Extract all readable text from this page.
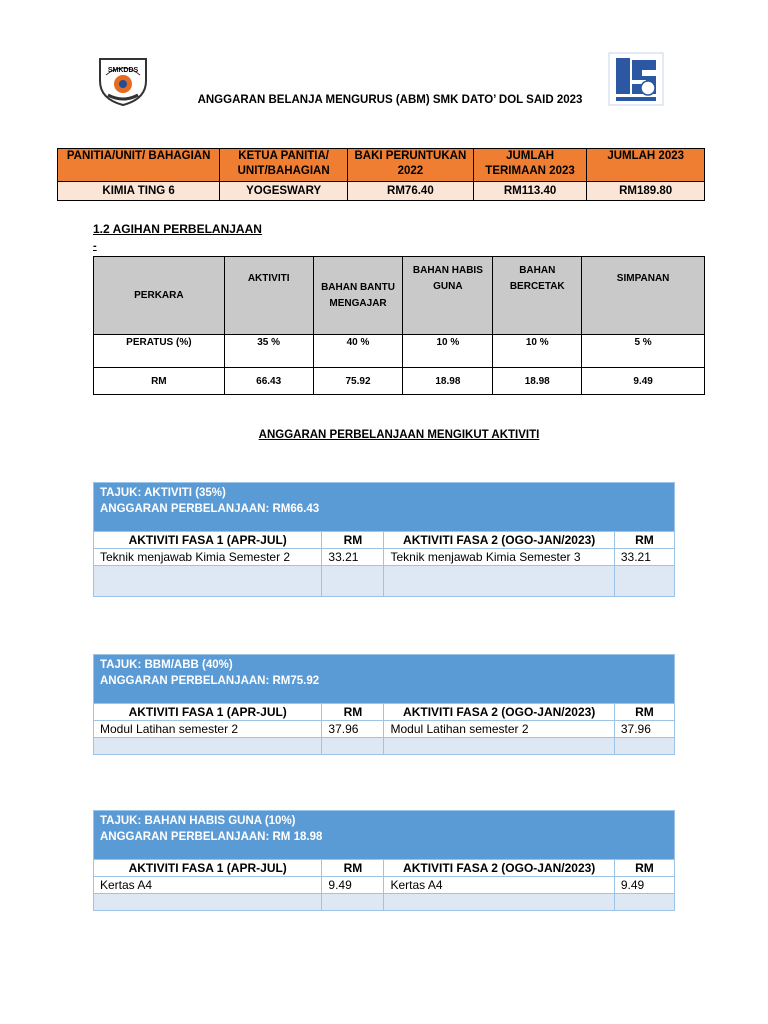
SMKDDS
ANGGARAN BELANJA MENGURUS (ABM) SMK DATO’ DOL SAID 2023
PANITIA/UNIT/ BAHAGIAN	KETUA PANITIA/ UNIT/BAHAGIAN	BAKI PERUNTUKAN 2022	JUMLAH TERIMAAN 2023	JUMLAH 2023
KIMIA TING 6	YOGESWARY	RM76.40	RM113.40	RM189.80
1.2 AGIHAN PERBELANJAAN
-
PERKARA	AKTIVITI	BAHAN BANTU MENGAJAR	BAHAN HABIS GUNA	BAHAN BERCETAK	SIMPANAN
PERATUS (%)	35 %	40 %	10 %	10 %	5 %
RM	66.43	75.92	18.98	18.98	9.49
ANGGARAN PERBELANJAAN MENGIKUT AKTIVITI
TAJUK: AKTIVITI (35%)
ANGGARAN PERBELANJAAN: RM66.43			

AKTIVITI FASA 1 (APR-JUL)	RM	AKTIVITI FASA 2 (OGO-JAN/2023)	RM
Teknik menjawab Kimia Semester 2	33.21	Teknik menjawab Kimia Semester 3	33.21

TAJUK: BBM/ABB (40%)
ANGGARAN PERBELANJAAN: RM75.92			

AKTIVITI FASA 1 (APR-JUL)	RM	AKTIVITI FASA 2 (OGO-JAN/2023)	RM
Modul Latihan semester 2	37.96	Modul Latihan semester 2	37.96

TAJUK: BAHAN HABIS GUNA (10%)
ANGGARAN PERBELANJAAN: RM 18.98			

AKTIVITI FASA 1 (APR-JUL)	RM	AKTIVITI FASA 2 (OGO-JAN/2023)	RM
Kertas A4	9.49	Kertas A4	9.49
